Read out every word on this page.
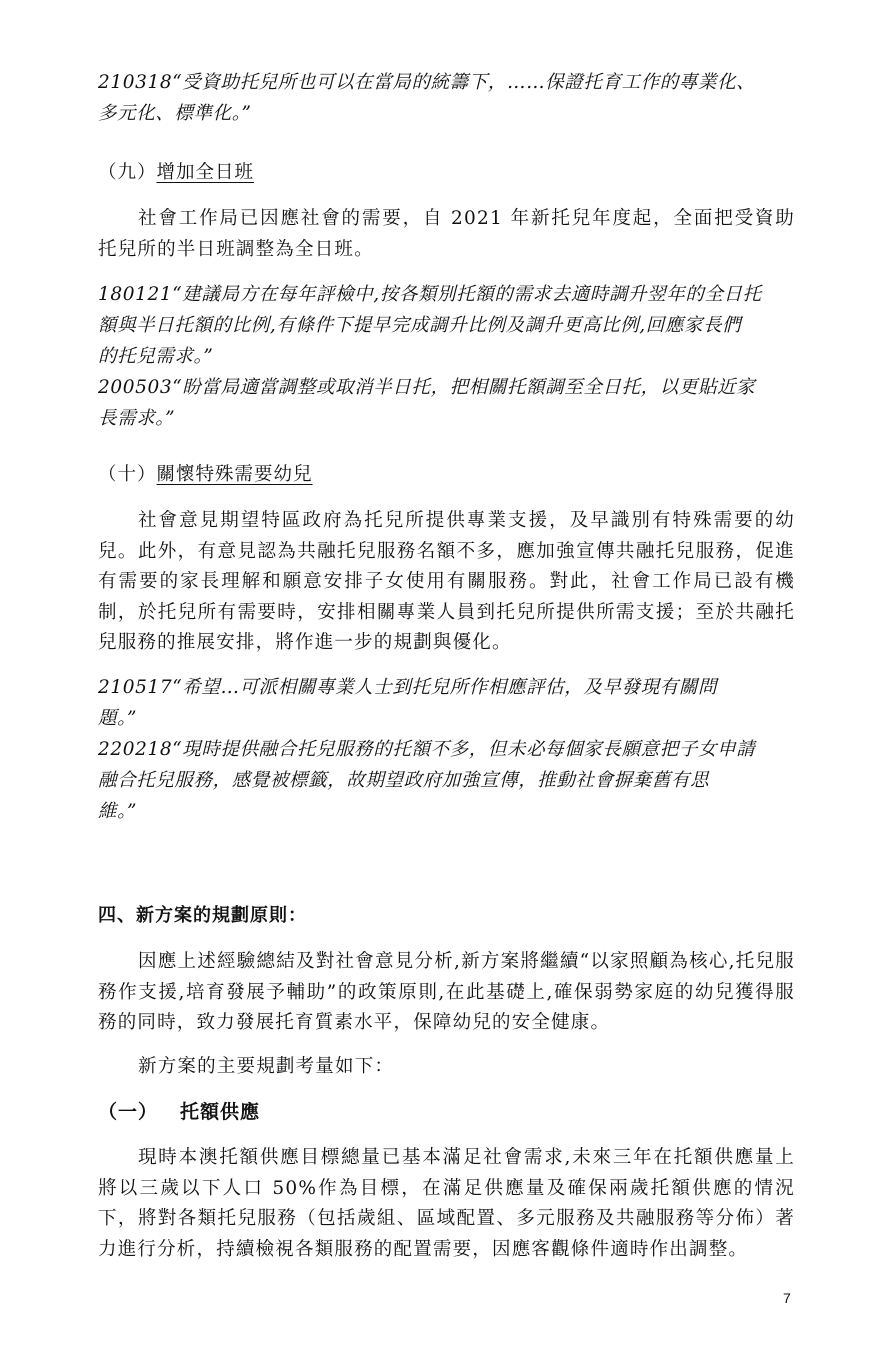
210318“受資助托兒所也可以在當局的統籌下，……保證托育工作的專業化、

多元化、標準化。”

（九）增加全日班

社會工作局已因應社會的需要，自 2021 年新托兒年度起，全面把受資助托兒所的半日班調整為全日班。

180121“建議局方在每年評檢中,按各類別托額的需求去適時調升翌年的全日托

額與半日托額的比例,有條件下提早完成調升比例及調升更高比例,回應家長們

的托兒需求。”

200503“盼當局適當調整或取消半日托，把相關托額調至全日托，以更貼近家

長需求。”

（十）關懷特殊需要幼兒

社會意見期望特區政府為托兒所提供專業支援，及早識別有特殊需要的幼兒。此外，有意見認為共融托兒服務名額不多，應加強宣傳共融托兒服務，促進有需要的家長理解和願意安排子女使用有關服務。對此，社會工作局已設有機制，於托兒所有需要時，安排相關專業人員到托兒所提供所需支援；至於共融托兒服務的推展安排，將作進一步的規劃與優化。

210517“希望…可派相關專業人士到托兒所作相應評估，及早發現有關問

題。”

220218“現時提供融合托兒服務的托額不多，但未必每個家長願意把子女申請

融合托兒服務，感覺被標籤，故期望政府加強宣傳，推動社會摒棄舊有思

維。”

四、新方案的規劃原則：

因應上述經驗總結及對社會意見分析,新方案將繼續“以家照顧為核心,托兒服務作支援,培育發展予輔助”的政策原則,在此基礎上,確保弱勢家庭的幼兒獲得服務的同時，致力發展托育質素水平，保障幼兒的安全健康。

新方案的主要規劃考量如下：

（一） 托額供應

現時本澳托額供應目標總量已基本滿足社會需求,未來三年在托額供應量上將以三歲以下人口 50%作為目標，在滿足供應量及確保兩歲托額供應的情況下，將對各類托兒服務（包括歲組、區域配置、多元服務及共融服務等分佈）著力進行分析，持續檢視各類服務的配置需要，因應客觀條件適時作出調整。

7
